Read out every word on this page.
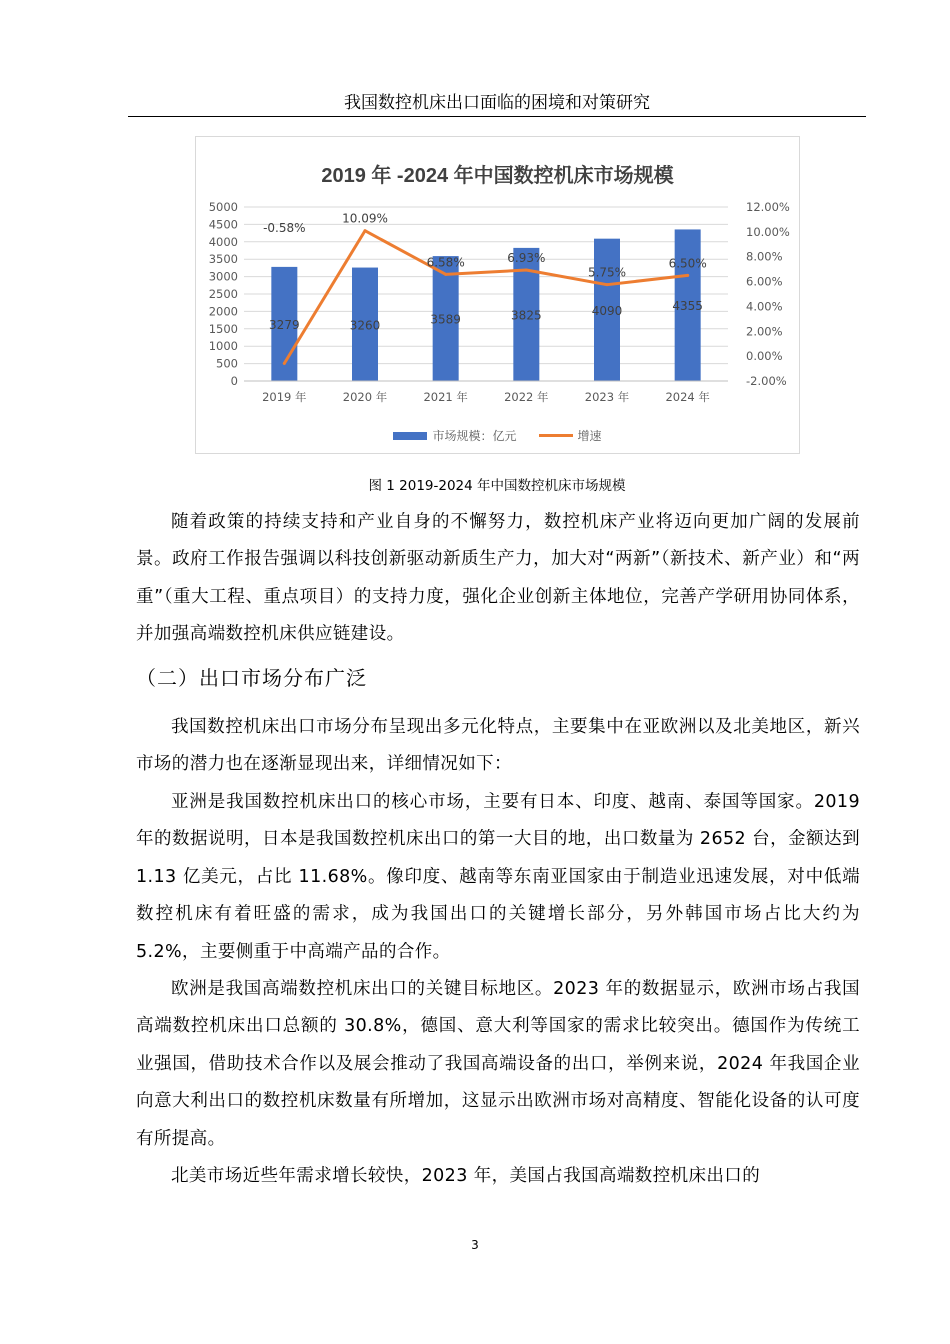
我国数控机床出口面临的困境和对策研究
2019 年 -2024 年中国数控机床市场规模
0
500
1000
1500
2000
2500
3000
3500
4000
4500
5000
-2.00%
0.00%
2.00%
4.00%
6.00%
8.00%
10.00%
12.00%
3279	3260	3589	3825	4090	4355
2019 年	2020 年	2021 年	2022 年	2023 年	2024 年
-0.58%
10.09%
6.58%	6.93%
5.75%
6.50%
市场规模：亿元	增速
图 1 2019-2024 年中国数控机床市场规模

随着政策的持续支持和产业自身的不懈努力，数控机床产业将迈向更加广阔的发展前景。政府工作报告强调以科技创新驱动新质生产力，加大对“两新”（新技术、新产业）和“两重”（重大工程、重点项目）的支持力度，强化企业创新主体地位，完善产学研用协同体系，并加强高端数控机床供应链建设。

（二）出口市场分布广泛

我国数控机床出口市场分布呈现出多元化特点，主要集中在亚欧洲以及北美地区，新兴市场的潜力也在逐渐显现出来，详细情况如下：

亚洲是我国数控机床出口的核心市场，主要有日本、印度、越南、泰国等国家。2019 年的数据说明，日本是我国数控机床出口的第一大目的地，出口数量为 2652 台，金额达到 1.13 亿美元，占比 11.68%。像印度、越南等东南亚国家由于制造业迅速发展，对中低端数控机床有着旺盛的需求，成为我国出口的关键增长部分，另外韩国市场占比大约为 5.2%，主要侧重于中高端产品的合作。

欧洲是我国高端数控机床出口的关键目标地区。2023 年的数据显示，欧洲市场占我国高端数控机床出口总额的 30.8%，德国、意大利等国家的需求比较突出。德国作为传统工业强国，借助技术合作以及展会推动了我国高端设备的出口，举例来说，2024 年我国企业向意大利出口的数控机床数量有所增加，这显示出欧洲市场对高精度、智能化设备的认可度有所提高。

北美市场近些年需求增长较快，2023 年，美国占我国高端数控机床出口的

3
